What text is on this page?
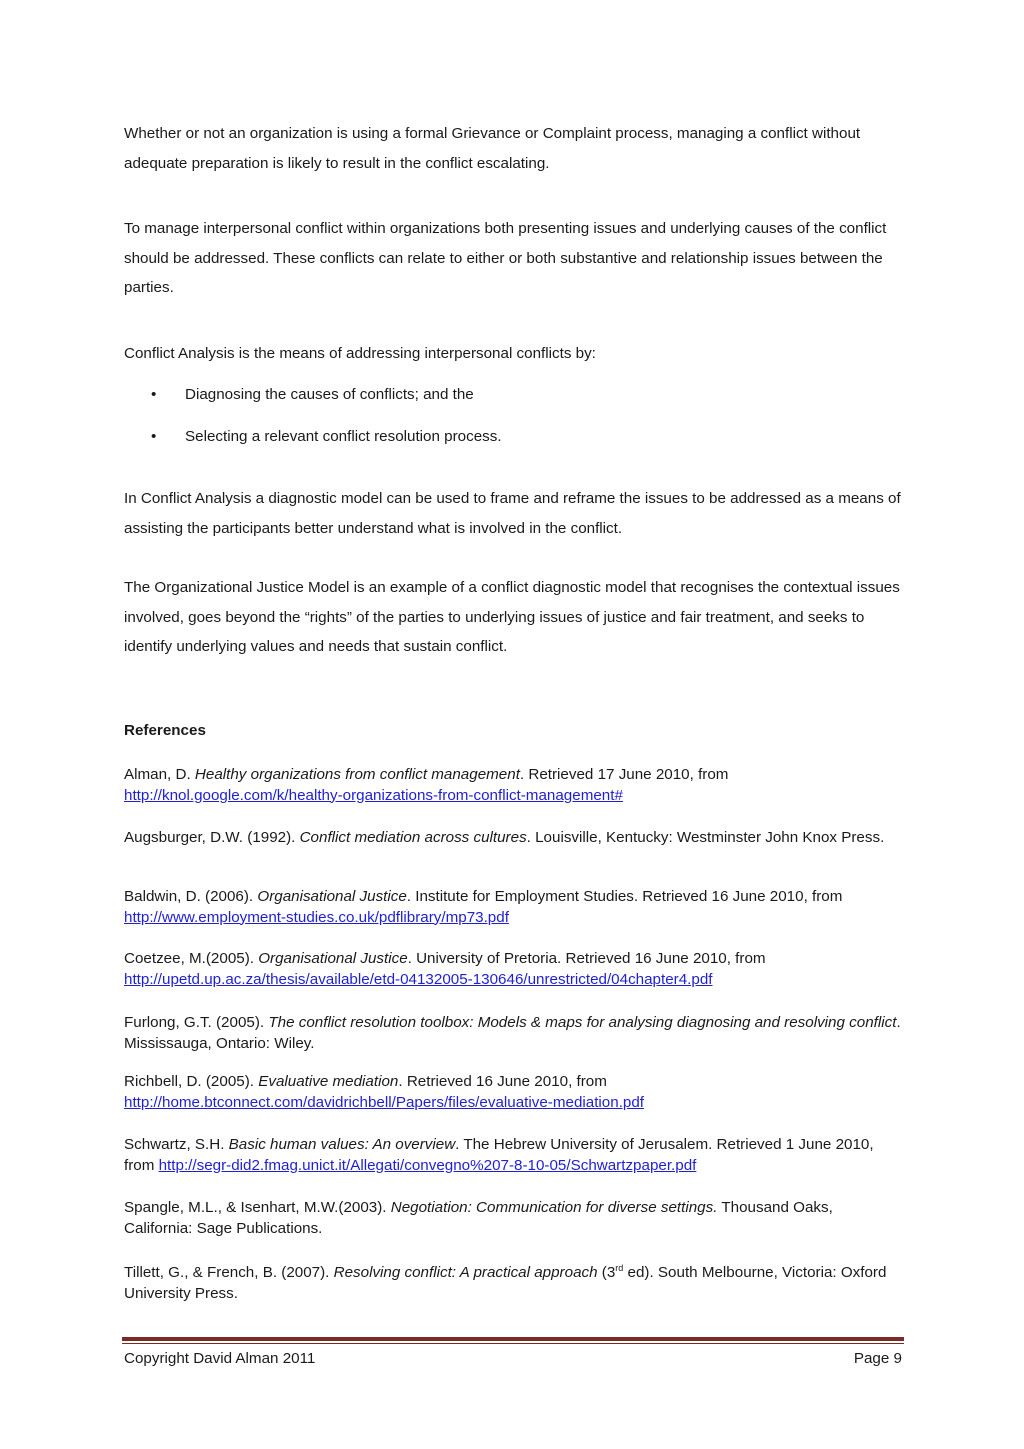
Whether or not an organization is using a formal Grievance or Complaint process, managing a conflict without adequate preparation is likely to result in the conflict escalating.

To manage interpersonal conflict within organizations both presenting issues and underlying causes of the conflict should be addressed. These conflicts can relate to either or both substantive and relationship issues between the parties.

Conflict Analysis is the means of addressing interpersonal conflicts by:

• Diagnosing the causes of conflicts; and the
• Selecting a relevant conflict resolution process.

In Conflict Analysis a diagnostic model can be used to frame and reframe the issues to be addressed as a means of assisting the participants better understand what is involved in the conflict.

The Organizational Justice Model is an example of a conflict diagnostic model that recognises the contextual issues involved, goes beyond the “rights” of the parties to underlying issues of justice and fair treatment, and seeks to identify underlying values and needs that sustain conflict.

References

Alman, D. Healthy organizations from conflict management. Retrieved 17 June 2010, from
http://knol.google.com/k/healthy-organizations-from-conflict-management#

Augsburger, D.W. (1992). Conflict mediation across cultures. Louisville, Kentucky: Westminster John Knox Press.

Baldwin, D. (2006). Organisational Justice. Institute for Employment Studies. Retrieved 16 June 2010, from http://www.employment-studies.co.uk/pdflibrary/mp73.pdf

Coetzee, M.(2005). Organisational Justice. University of Pretoria. Retrieved 16 June 2010, from
http://upetd.up.ac.za/thesis/available/etd-04132005-130646/unrestricted/04chapter4.pdf

Furlong, G.T. (2005). The conflict resolution toolbox: Models & maps for analysing diagnosing and resolving conflict. Mississauga, Ontario: Wiley.

Richbell, D. (2005). Evaluative mediation. Retrieved 16 June 2010, from
http://home.btconnect.com/davidrichbell/Papers/files/evaluative-mediation.pdf

Schwartz, S.H. Basic human values: An overview. The Hebrew University of Jerusalem. Retrieved 1 June 2010, from http://segr-did2.fmag.unict.it/Allegati/convegno%207-8-10-05/Schwartzpaper.pdf

Spangle, M.L., & Isenhart, M.W.(2003). Negotiation: Communication for diverse settings. Thousand Oaks, California: Sage Publications.

Tillett, G., & French, B. (2007). Resolving conflict: A practical approach (3rd ed). South Melbourne, Victoria: Oxford University Press.

Copyright David Alman 2011	Page 9
